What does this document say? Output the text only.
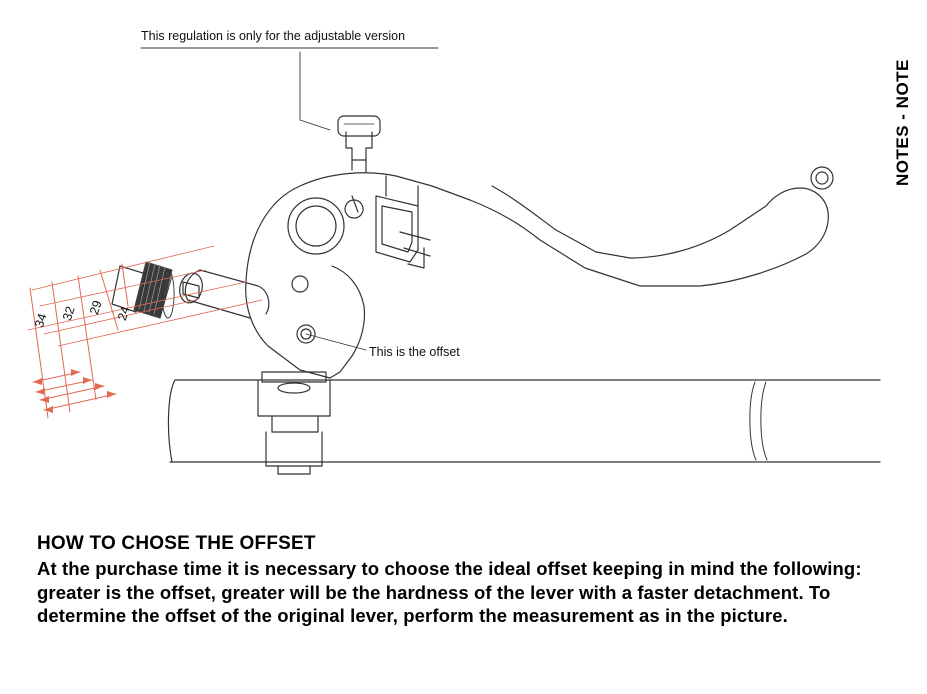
NOTES - NOTE
This regulation is only for the adjustable version
This is the offset
34 32 29 24
HOW TO CHOSE THE OFFSET

At the purchase time it is necessary to choose the ideal offset keeping in mind the following: greater is the offset, greater will be the hardness of the lever with a faster detachment. To determine the offset of the original lever, perform the measurement as in the picture.
